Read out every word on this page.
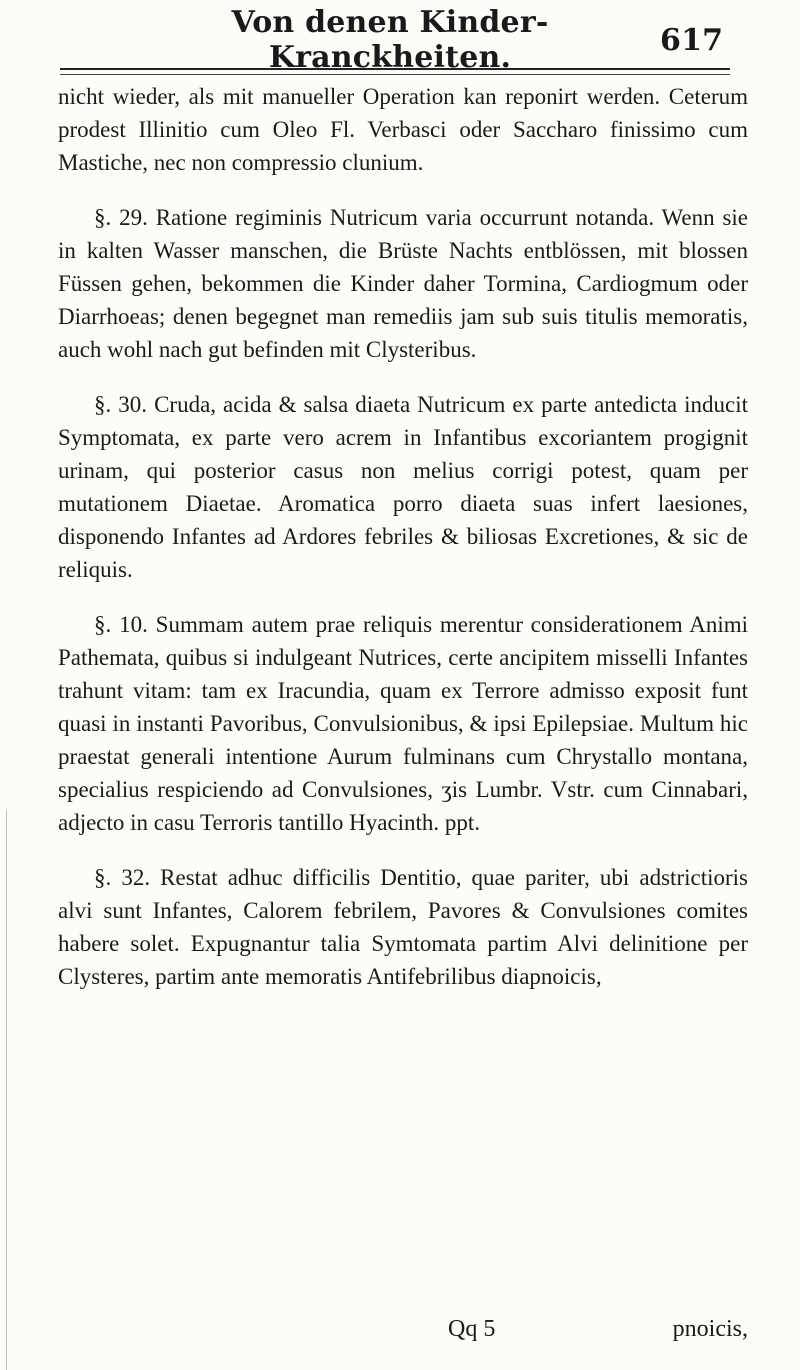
Von denen Kinder-Kranckheiten.	617

nicht wieder, als mit manueller Operation kan reponirt werden. Ceterum prodest Illinitio cum Oleo Fl. Verbasci oder Saccharo finissimo cum Mastiche, nec non compressio clunium.

§. 29. Ratione regiminis Nutricum varia occurrunt notanda. Wenn sie in kalten Wasser manschen, die Brüste Nachts entblössen, mit blossen Füssen gehen, bekommen die Kinder daher Tormina, Cardiogmum oder Diarrhoeas; denen begegnet man remediis jam sub suis titulis memoratis, auch wohl nach gut befinden mit Clysteribus.

§. 30. Cruda, acida & salsa diaeta Nutricum ex parte antedicta inducit Symptomata, ex parte vero acrem in Infantibus excoriantem progignit urinam, qui posterior casus non melius corrigi potest, quam per mutationem Diaetae. Aromatica porro diaeta suas infert laesiones, disponendo Infantes ad Ardores febriles & biliosas Excretiones, & sic de reliquis.

§. 10. Summam autem prae reliquis merentur considerationem Animi Pathemata, quibus si indulgeant Nutrices, certe ancipitem misselli Infantes trahunt vitam: tam ex Iracundia, quam ex Terrore admisso exposit funt quasi in instanti Pavoribus, Convulsionibus, & ipsi Epilepsiae. Multum hic praestat generali intentione Aurum fulminans cum Chrystallo montana, specialius respiciendo ad Convulsiones, ʒis Lumbr. Vstr. cum Cinnabari, adjecto in casu Terroris tantillo Hyacinth. ppt.

§. 32. Restat adhuc difficilis Dentitio, quae pariter, ubi adstrictioris alvi sunt Infantes, Calorem febrilem, Pavores & Convulsiones comites habere solet. Expugnantur talia Symtomata partim Alvi delinitione per Clysteres, partim ante memoratis Antifebrilibus diapnoicis,

Qq 5	pnoicis,
